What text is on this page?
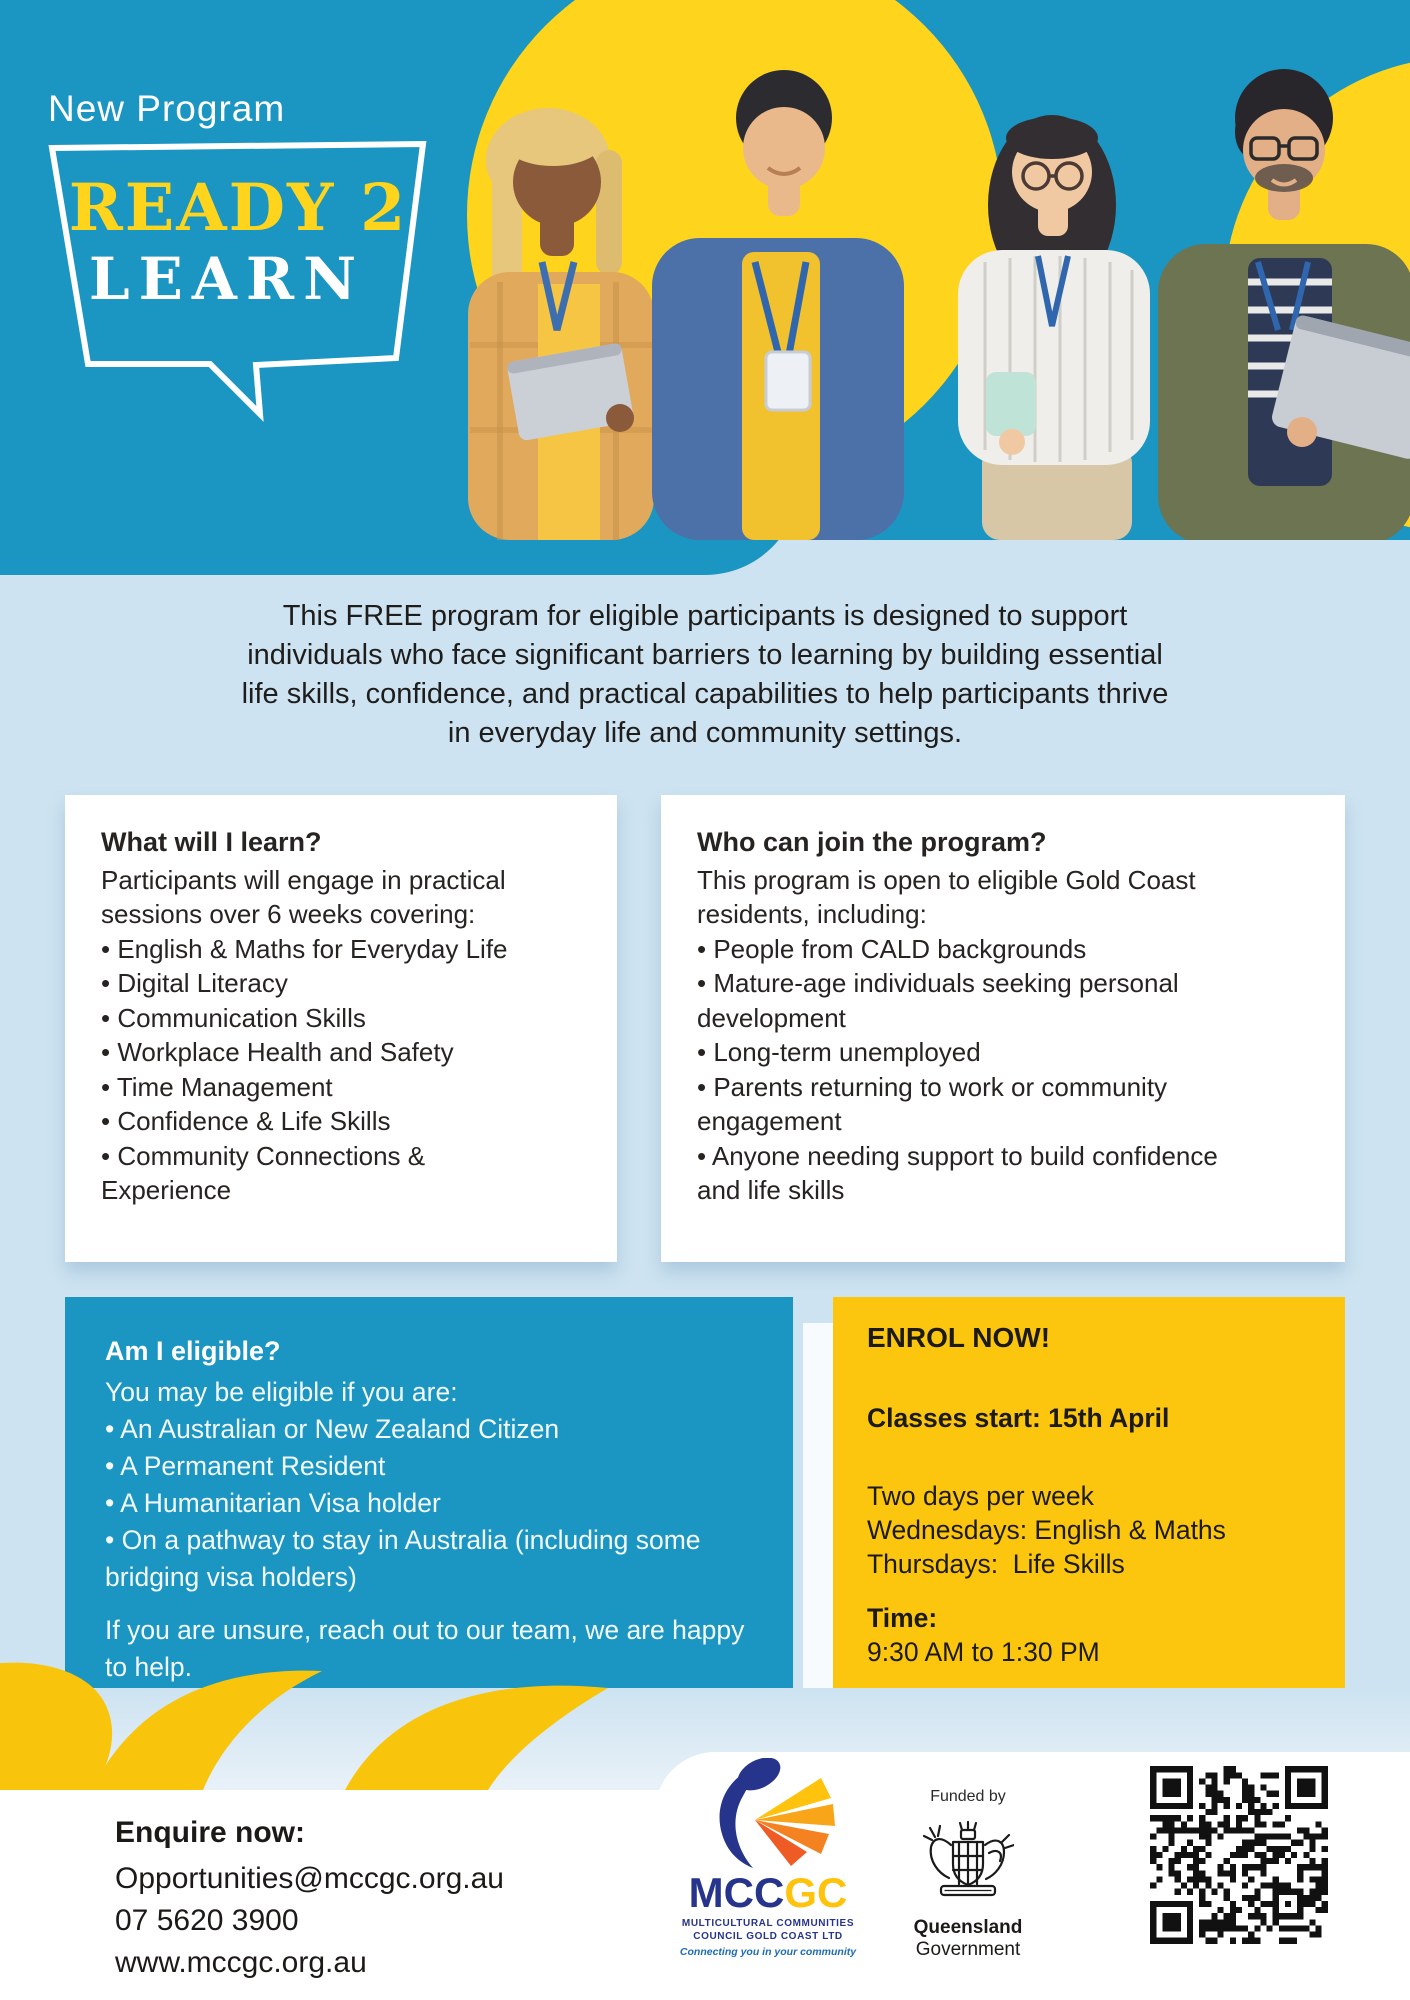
New Program
READY 2
LEARN
This FREE program for eligible participants is designed to support
individuals who face significant barriers to learning by building essential
life skills, confidence, and practical capabilities to help participants thrive
in everyday life and community settings.
What will I learn?
Participants will engage in practical
sessions over 6 weeks covering:
• English & Maths for Everyday Life
• Digital Literacy
• Communication Skills
• Workplace Health and Safety
• Time Management
• Confidence & Life Skills
• Community Connections &
Experience
Who can join the program?
This program is open to eligible Gold Coast
residents, including:
• People from CALD backgrounds
• Mature-age individuals seeking personal
development
• Long-term unemployed
• Parents returning to work or community
engagement
• Anyone needing support to build confidence
and life skills
Am I eligible?
You may be eligible if you are:
• An Australian or New Zealand Citizen
• A Permanent Resident
• A Humanitarian Visa holder
• On a pathway to stay in Australia (including some
bridging visa holders)
If you are unsure, reach out to our team, we are happy to help.
ENROL NOW!
Classes start: 15th April
Two days per week
Wednesdays: English & Maths
Thursdays:  Life Skills
Time:
9:30 AM to 1:30 PM
Enquire now:
Opportunities@mccgc.org.au
07 5620 3900
www.mccgc.org.au
MCCGC
MULTICULTURAL COMMUNITIES
COUNCIL GOLD COAST LTD
Connecting you in your community
Funded by
Queensland
Government
